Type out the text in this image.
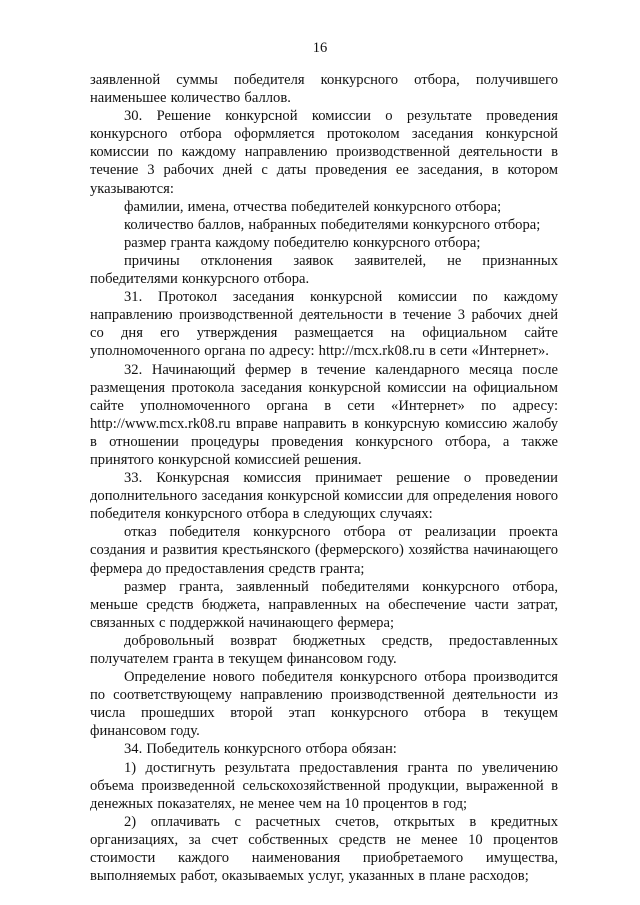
16

заявленной суммы победителя конкурсного отбора, получившего наименьшее количество баллов.

30. Решение конкурсной комиссии о результате проведения конкурсного отбора оформляется протоколом заседания конкурсной комиссии по каждому направлению производственной деятельности в течение 3 рабочих дней с даты проведения ее заседания, в котором указываются:

фамилии, имена, отчества победителей конкурсного отбора;

количество баллов, набранных победителями конкурсного отбора;

размер гранта каждому победителю конкурсного отбора;

причины отклонения заявок заявителей, не признанных победителями конкурсного отбора.

31. Протокол заседания конкурсной комиссии по каждому направлению производственной деятельности в течение 3 рабочих дней со дня его утверждения размещается на официальном сайте уполномоченного органа по адресу: http://mcx.rk08.ru в сети «Интернет».

32. Начинающий фермер в течение календарного месяца после размещения протокола заседания конкурсной комиссии на официальном сайте уполномоченного органа в сети «Интернет» по адресу: http://www.mcx.rk08.ru вправе направить в конкурсную комиссию жалобу в отношении процедуры проведения конкурсного отбора, а также принятого конкурсной комиссией решения.

33. Конкурсная комиссия принимает решение о проведении дополнительного заседания конкурсной комиссии для определения нового победителя конкурсного отбора в следующих случаях:

отказ победителя конкурсного отбора от реализации проекта создания и развития крестьянского (фермерского) хозяйства начинающего фермера до предоставления средств гранта;

размер гранта, заявленный победителями конкурсного отбора, меньше средств бюджета, направленных на обеспечение части затрат, связанных с поддержкой начинающего фермера;

добровольный возврат бюджетных средств, предоставленных получателем гранта в текущем финансовом году.

Определение нового победителя конкурсного отбора производится по соответствующему направлению производственной деятельности из числа прошедших второй этап конкурсного отбора в текущем финансовом году.

34. Победитель конкурсного отбора обязан:

1) достигнуть результата предоставления гранта по увеличению объема произведенной сельскохозяйственной продукции, выраженной в денежных показателях, не менее чем на 10 процентов в год;

2) оплачивать с расчетных счетов, открытых в кредитных организациях, за счет собственных средств не менее 10 процентов стоимости каждого наименования приобретаемого имущества, выполняемых работ, оказываемых услуг, указанных в плане расходов;
